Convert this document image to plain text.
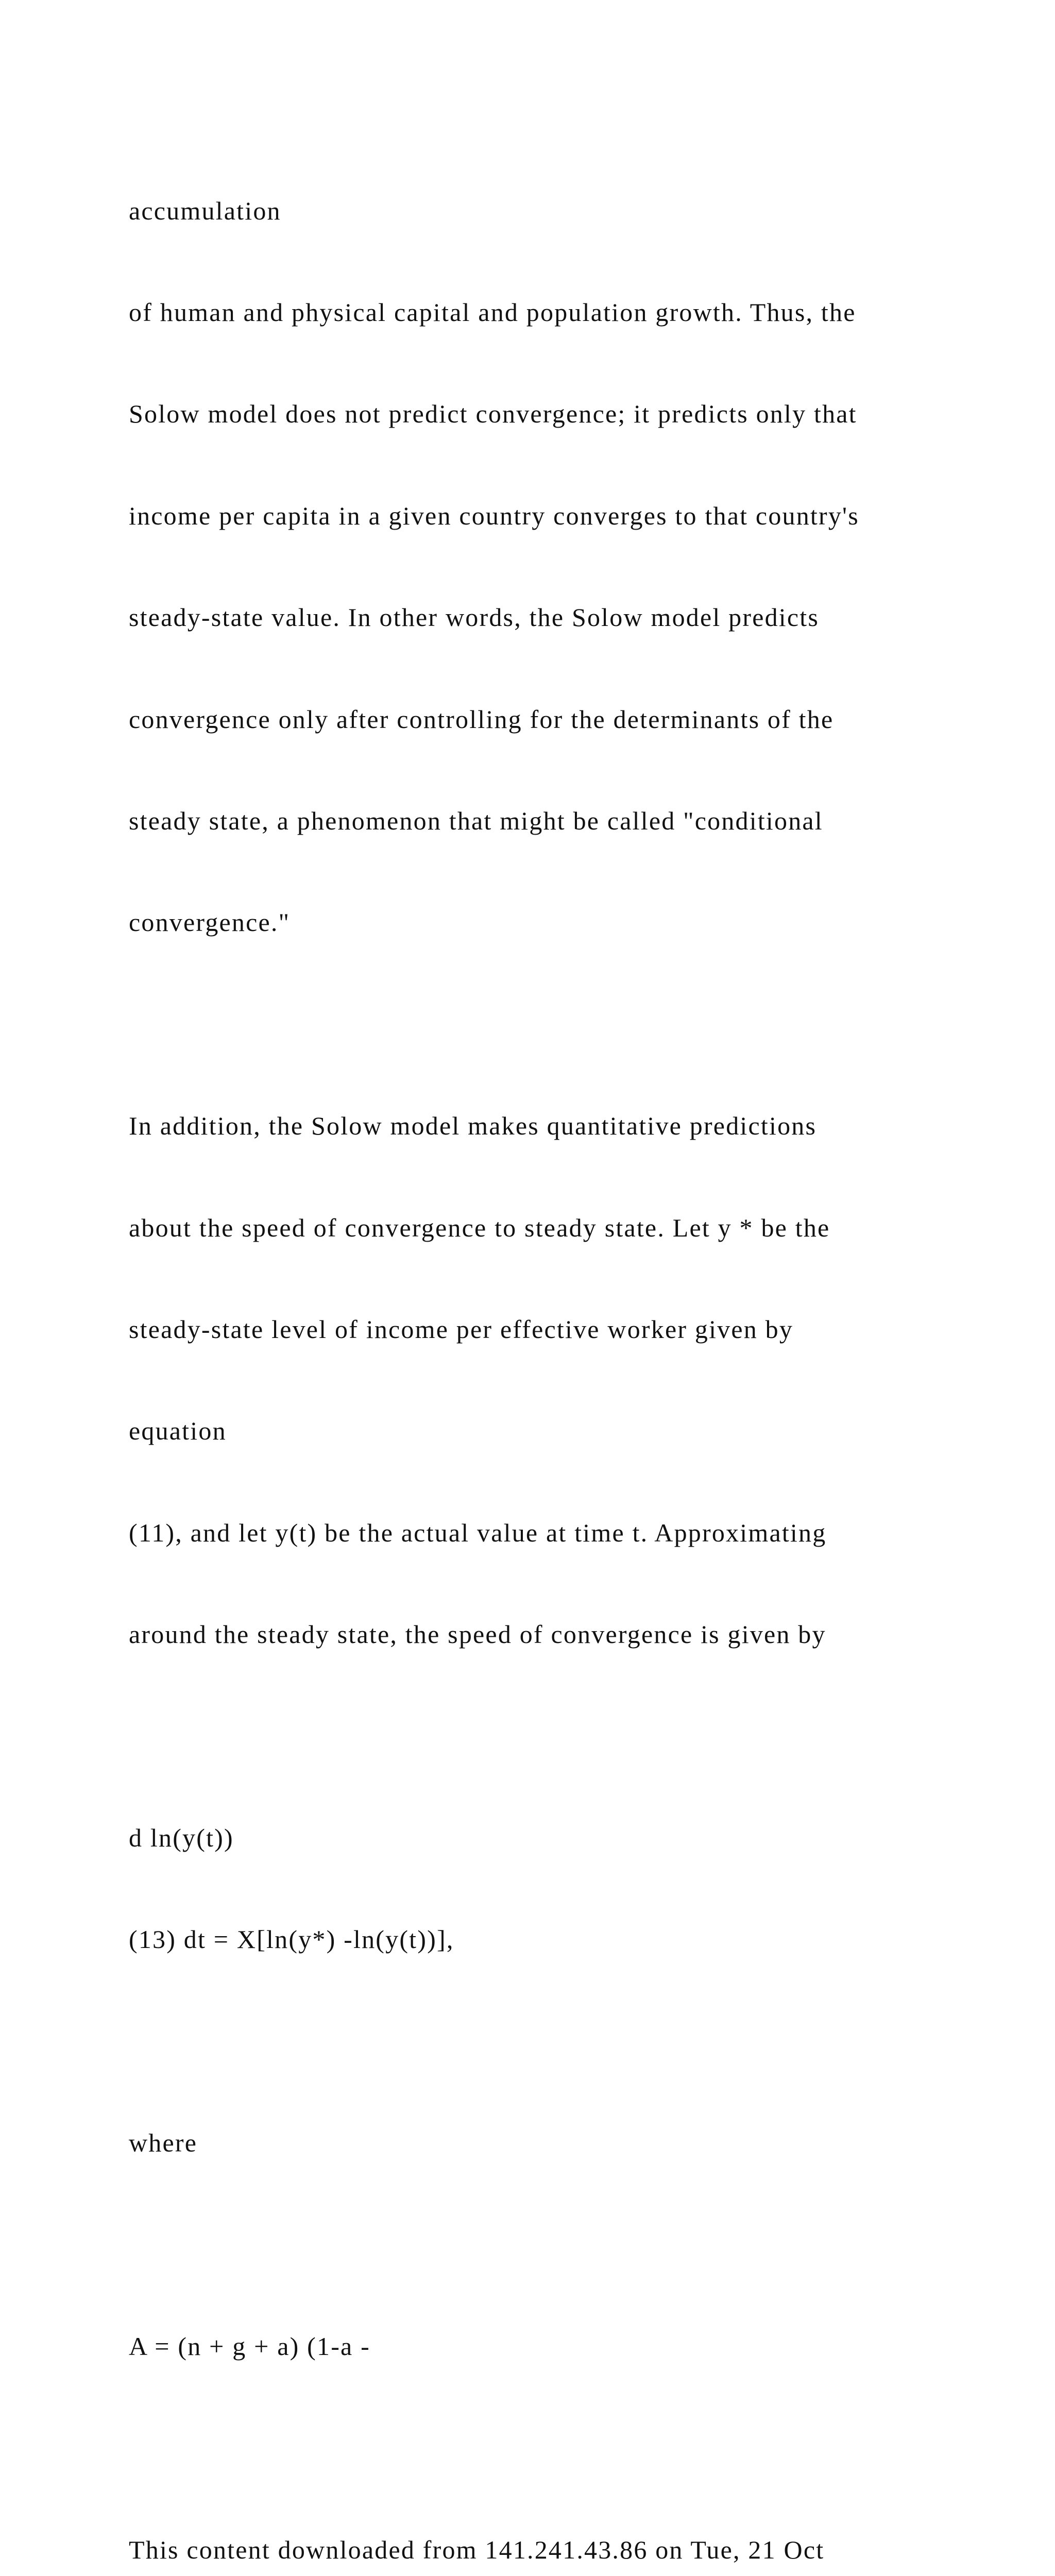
accumulation

of human and physical capital and population growth. Thus, the

Solow model does not predict convergence; it predicts only that

income per capita in a given country converges to that country's

steady-state value. In other words, the Solow model predicts

convergence only after controlling for the determinants of the

steady state, a phenomenon that might be called "conditional

convergence."

In addition, the Solow model makes quantitative predictions

about the speed of convergence to steady state. Let y * be the

steady-state level of income per effective worker given by

equation

(11), and let y(t) be the actual value at time t. Approximating

around the steady state, the speed of convergence is given by

d ln(y(t))

(13) dt = X[ln(y*) -ln(y(t))],

where

A = (n + g + a) (1-a -

This content downloaded from 141.241.43.86 on Tue, 21 Oct
